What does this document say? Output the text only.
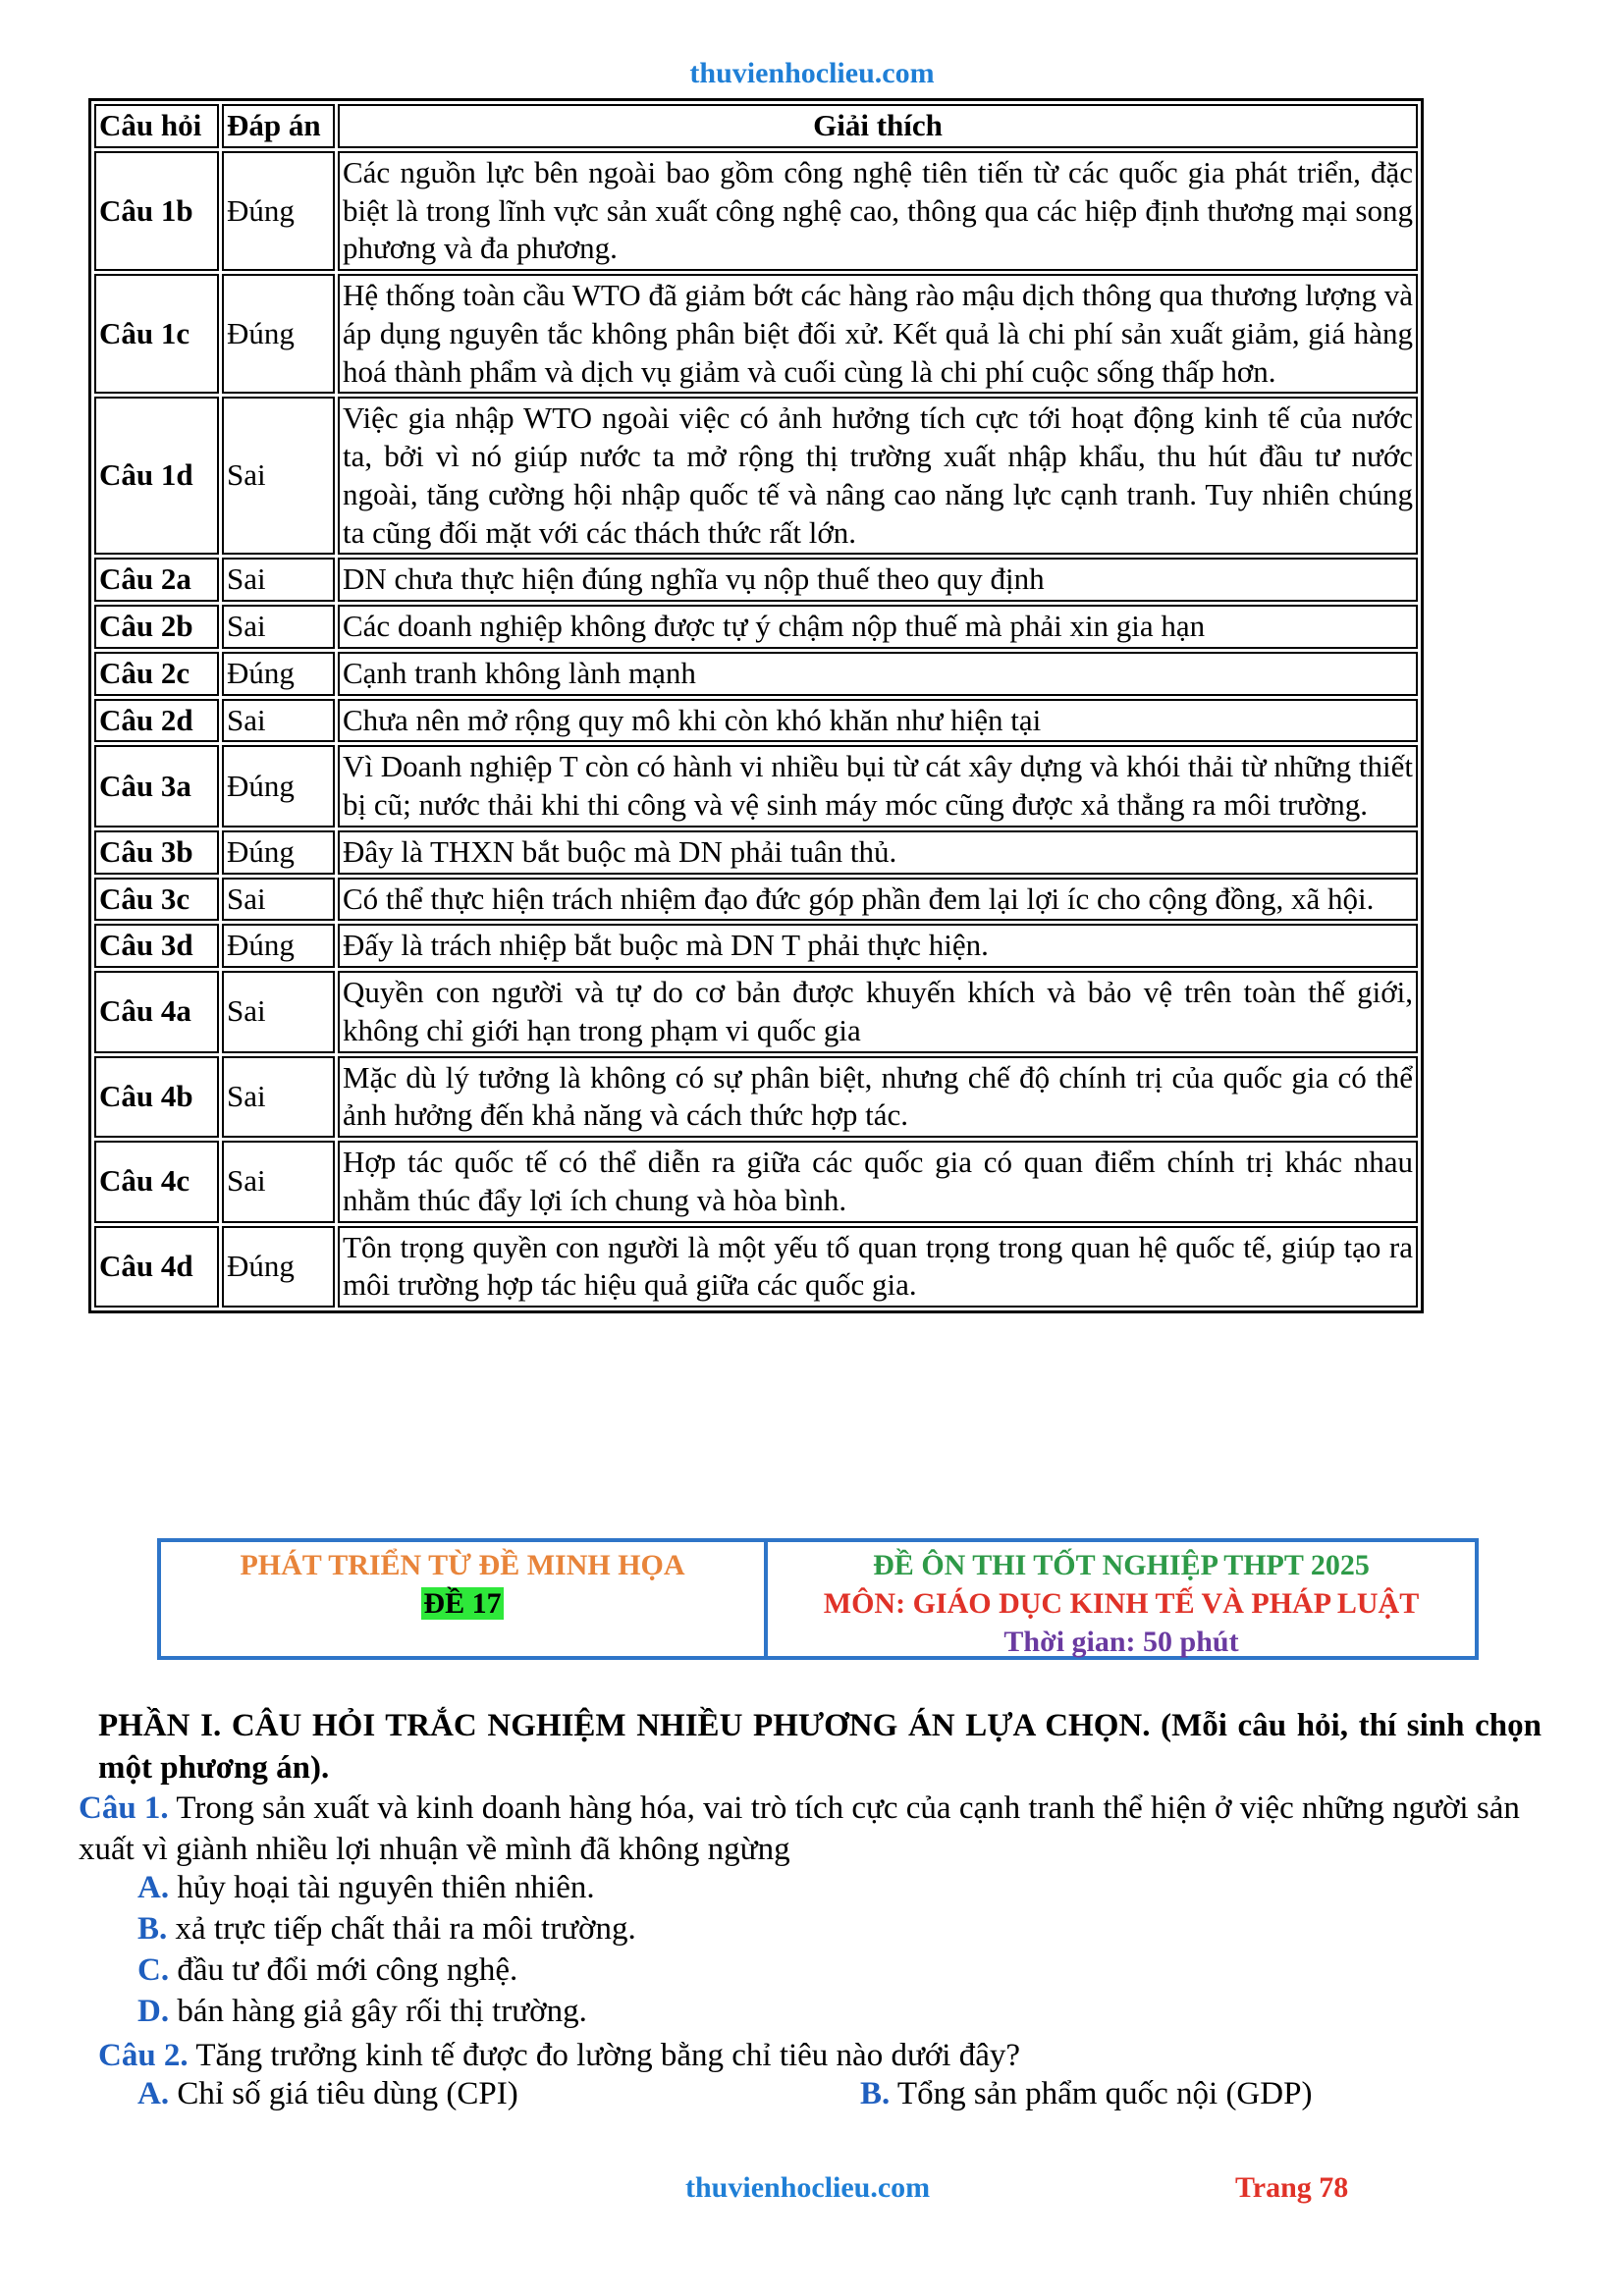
thuvienhoclieu.com
Câu hỏi	Đáp án	Giải thích
Câu 1b	Đúng	Các nguồn lực bên ngoài bao gồm công nghệ tiên tiến từ các quốc gia phát triển, đặc biệt là trong lĩnh vực sản xuất công nghệ cao, thông qua các hiệp định thương mại song phương và đa phương.
Câu 1c	Đúng	Hệ thống toàn cầu WTO đã giảm bớt các hàng rào mậu dịch thông qua thương lượng và áp dụng nguyên tắc không phân biệt đối xử. Kết quả là chi phí sản xuất giảm, giá hàng hoá thành phẩm và dịch vụ giảm và cuối cùng là chi phí cuộc sống thấp hơn.
Câu 1d	Sai	Việc gia nhập WTO ngoài việc có ảnh hưởng tích cực tới hoạt động kinh tế của nước ta, bởi vì nó giúp nước ta mở rộng thị trường xuất nhập khẩu, thu hút đầu tư nước ngoài, tăng cường hội nhập quốc tế và nâng cao năng lực cạnh tranh. Tuy nhiên chúng ta cũng đối mặt với các thách thức rất lớn.
Câu 2a	Sai	DN chưa thực hiện đúng nghĩa vụ nộp thuế theo quy định
Câu 2b	Sai	Các doanh nghiệp không được tự ý chậm nộp thuế mà phải xin gia hạn
Câu 2c	Đúng	Cạnh tranh không lành mạnh
Câu 2d	Sai	Chưa nên mở rộng quy mô khi còn khó khăn như hiện tại
Câu 3a	Đúng	Vì Doanh nghiệp T còn có hành vi nhiều bụi từ cát xây dựng và khói thải từ những thiết bị cũ; nước thải khi thi công và vệ sinh máy móc cũng được xả thẳng ra môi trường.
Câu 3b	Đúng	Đây là THXN bắt buộc mà DN phải tuân thủ.
Câu 3c	Sai	Có thể thực hiện trách nhiệm đạo đức góp phần đem lại lợi íc cho cộng đồng, xã hội.
Câu 3d	Đúng	Đấy là trách nhiệp bắt buộc mà DN T phải thực hiện.
Câu 4a	Sai	Quyền con người và tự do cơ bản được khuyến khích và bảo vệ trên toàn thế giới, không chỉ giới hạn trong phạm vi quốc gia
Câu 4b	Sai	Mặc dù lý tưởng là không có sự phân biệt, nhưng chế độ chính trị của quốc gia có thể ảnh hưởng đến khả năng và cách thức hợp tác.
Câu 4c	Sai	Hợp tác quốc tế có thể diễn ra giữa các quốc gia có quan điểm chính trị khác nhau nhằm thúc đẩy lợi ích chung và hòa bình.
Câu 4d	Đúng	Tôn trọng quyền con người là một yếu tố quan trọng trong quan hệ quốc tế, giúp tạo ra môi trường hợp tác hiệu quả giữa các quốc gia.
PHÁT TRIỂN TỪ ĐỀ MINH HỌA
ĐỀ 17
ĐỀ ÔN THI TỐT NGHIỆP THPT 2025
MÔN: GIÁO DỤC KINH TẾ VÀ PHÁP LUẬT
Thời gian: 50 phút
PHẦN I. CÂU HỎI TRẮC NGHIỆM NHIỀU PHƯƠNG ÁN LỰA CHỌN. (Mỗi câu hỏi, thí sinh chọn một phương án).
Câu 1. Trong sản xuất và kinh doanh hàng hóa, vai trò tích cực của cạnh tranh thể hiện ở việc những người sản xuất vì giành nhiều lợi nhuận về mình đã không ngừng
A. hủy hoại tài nguyên thiên nhiên.
B. xả trực tiếp chất thải ra môi trường.
C. đầu tư đổi mới công nghệ.
D. bán hàng giả gây rối thị trường.
Câu 2. Tăng trưởng kinh tế được đo lường bằng chỉ tiêu nào dưới đây?
A. Chỉ số giá tiêu dùng (CPI)	B. Tổng sản phẩm quốc nội (GDP)
thuvienhoclieu.com	Trang 78
